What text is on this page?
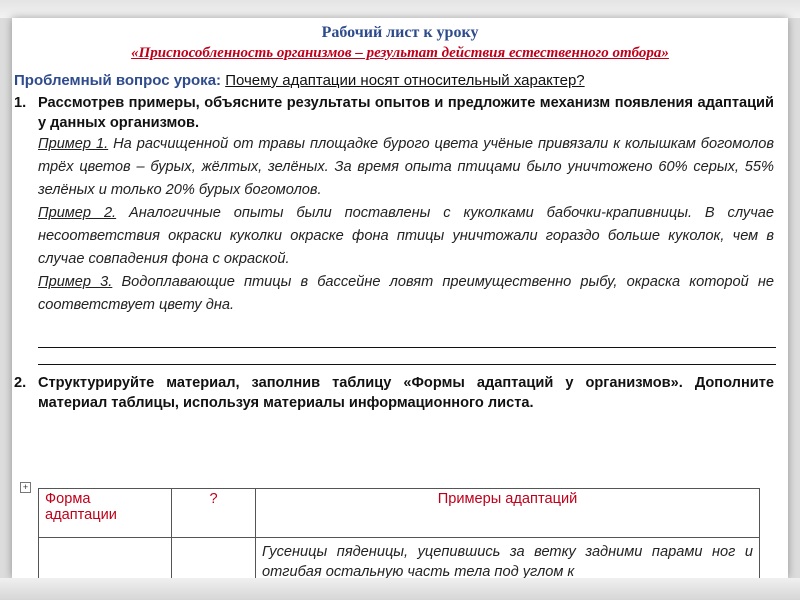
Рабочий лист к уроку
«Приспособленность организмов – результат действия естественного отбора»
Проблемный вопрос урока: Почему адаптации носят относительный характер?
1. Рассмотрев примеры, объясните результаты опытов и предложите механизм появления адаптаций у данных организмов.
Пример 1. На расчищенной от травы площадке бурого цвета учёные привязали к колышкам богомолов трёх цветов – бурых, жёлтых, зелёных. За время опыта птицами было уничтожено 60% серых, 55% зелёных и только 20% бурых богомолов.
Пример 2. Аналогичные опыты были поставлены с куколками бабочки-крапивницы. В случае несоответствия окраски куколки окраске фона птицы уничтожали гораздо больше куколок, чем в случае совпадения фона с окраской.
Пример 3. Водоплавающие птицы в бассейне ловят преимущественно рыбу, окраска которой не соответствует цвету дна.
2. Структурируйте материал, заполнив таблицу «Формы адаптаций у организмов». Дополните материал таблицы, используя материалы информационного листа.
+
Форма адаптации	?	Примеры адаптаций
		Гусеницы пяденицы, уцепившись за ветку задними парами ног и отгибая остальную часть тела под углом к
